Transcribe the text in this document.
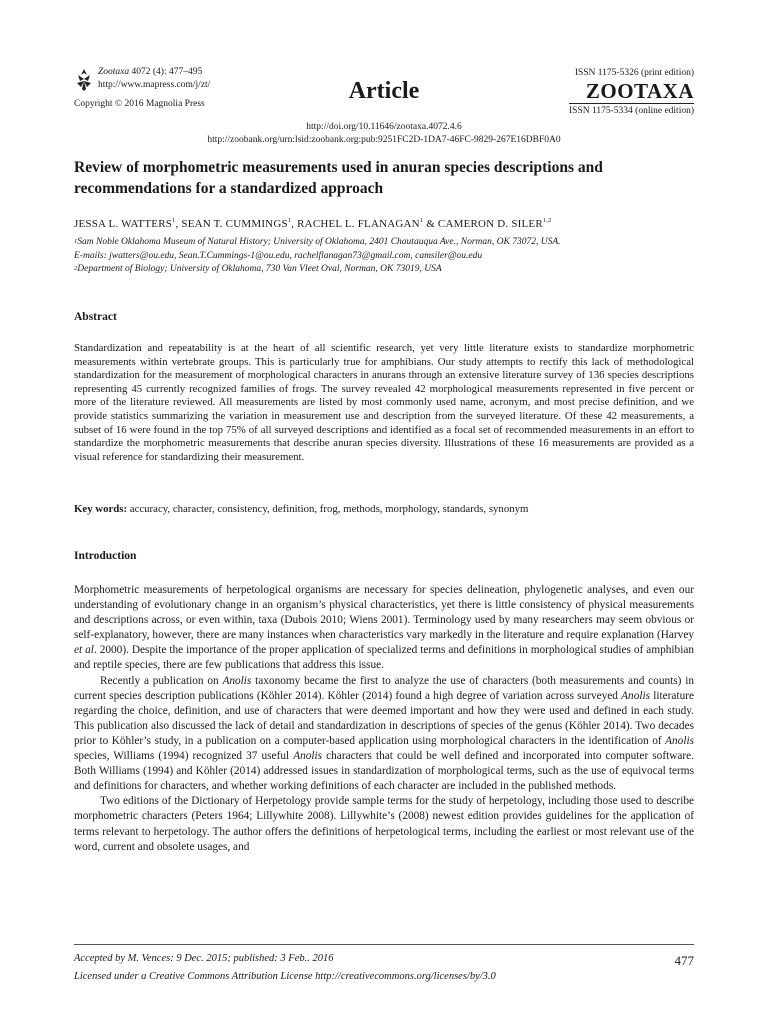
Zootaxa 4072 (4): 477–495
http://www.mapress.com/j/zt/
Copyright © 2016 Magnolia Press	Article
ISSN 1175-5326 (print edition)
ZOOTAXA
ISSN 1175-5334 (online edition)
http://doi.org/10.11646/zootaxa.4072.4.6
http://zoobank.org/urn:lsid:zoobank.org:pub:9251FC2D-1DA7-46FC-9829-267E16DBF0A0
Review of morphometric measurements used in anuran species descriptions and recommendations for a standardized approach
JESSA L. WATTERS$^1$, SEAN T. CUMMINGS$^1$, RACHEL L. FLANAGAN$^1$ & CAMERON D. SILER$^{1,2}$
$^1$Sam Noble Oklahoma Museum of Natural History; University of Oklahoma, 2401 Chautauqua Ave., Norman, OK 73072, USA.
E-mails: jwatters@ou.edu, Sean.T.Cummings-1@ou.edu, rachelflanagan73@gmail.com, camsiler@ou.edu
$^2$Department of Biology; University of Oklahoma, 730 Van Vleet Oval, Norman, OK 73019, USA
Abstract
Standardization and repeatability is at the heart of all scientific research, yet very little literature exists to standardize morphometric measurements within vertebrate groups. This is particularly true for amphibians. Our study attempts to rectify this lack of methodological standardization for the measurement of morphological characters in anurans through an extensive literature survey of 136 species descriptions representing 45 currently recognized families of frogs. The survey revealed 42 morphological measurements represented in five percent or more of the literature reviewed. All measurements are listed by most commonly used name, acronym, and most precise definition, and we provide statistics summarizing the variation in measurement use and description from the surveyed literature. Of these 42 measurements, a subset of 16 were found in the top 75% of all surveyed descriptions and identified as a focal set of recommended measurements in an effort to standardize the morphometric measurements that describe anuran species diversity. Illustrations of these 16 measurements are provided as a visual reference for standardizing their measurement.
Key words: accuracy, character, consistency, definition, frog, methods, morphology, standards, synonym
Introduction

Morphometric measurements of herpetological organisms are necessary for species delineation, phylogenetic analyses, and even our understanding of evolutionary change in an organism’s physical characteristics, yet there is little consistency of physical measurements and descriptions across, or even within, taxa (Dubois 2010; Wiens 2001). Terminology used by many researchers may seem obvious or self-explanatory, however, there are many instances when characteristics vary markedly in the literature and require explanation (Harvey et al. 2000). Despite the importance of the proper application of specialized terms and definitions in morphological studies of amphibian and reptile species, there are few publications that address this issue.

Recently a publication on Anolis taxonomy became the first to analyze the use of characters (both measurements and counts) in current species description publications (Köhler 2014). Köhler (2014) found a high degree of variation across surveyed Anolis literature regarding the choice, definition, and use of characters that were deemed important and how they were used and defined in each study. This publication also discussed the lack of detail and standardization in descriptions of species of the genus (Köhler 2014). Two decades prior to Köhler’s study, in a publication on a computer-based application using morphological characters in the identification of Anolis species, Williams (1994) recognized 37 useful Anolis characters that could be well defined and incorporated into computer software. Both Williams (1994) and Köhler (2014) addressed issues in standardization of morphological terms, such as the use of equivocal terms and definitions for characters, and whether working definitions of each character are included in the published methods.

Two editions of the Dictionary of Herpetology provide sample terms for the study of herpetology, including those used to describe morphometric characters (Peters 1964; Lillywhite 2008). Lillywhite’s (2008) newest edition provides guidelines for the application of terms relevant to herpetology. The author offers the definitions of herpetological terms, including the earliest or most relevant use of the word, current and obsolete usages, and

Accepted by M. Vences: 9 Dec. 2015; published: 3 Feb.. 2016
Licensed under a Creative Commons Attribution License http://creativecommons.org/licenses/by/3.0
477
